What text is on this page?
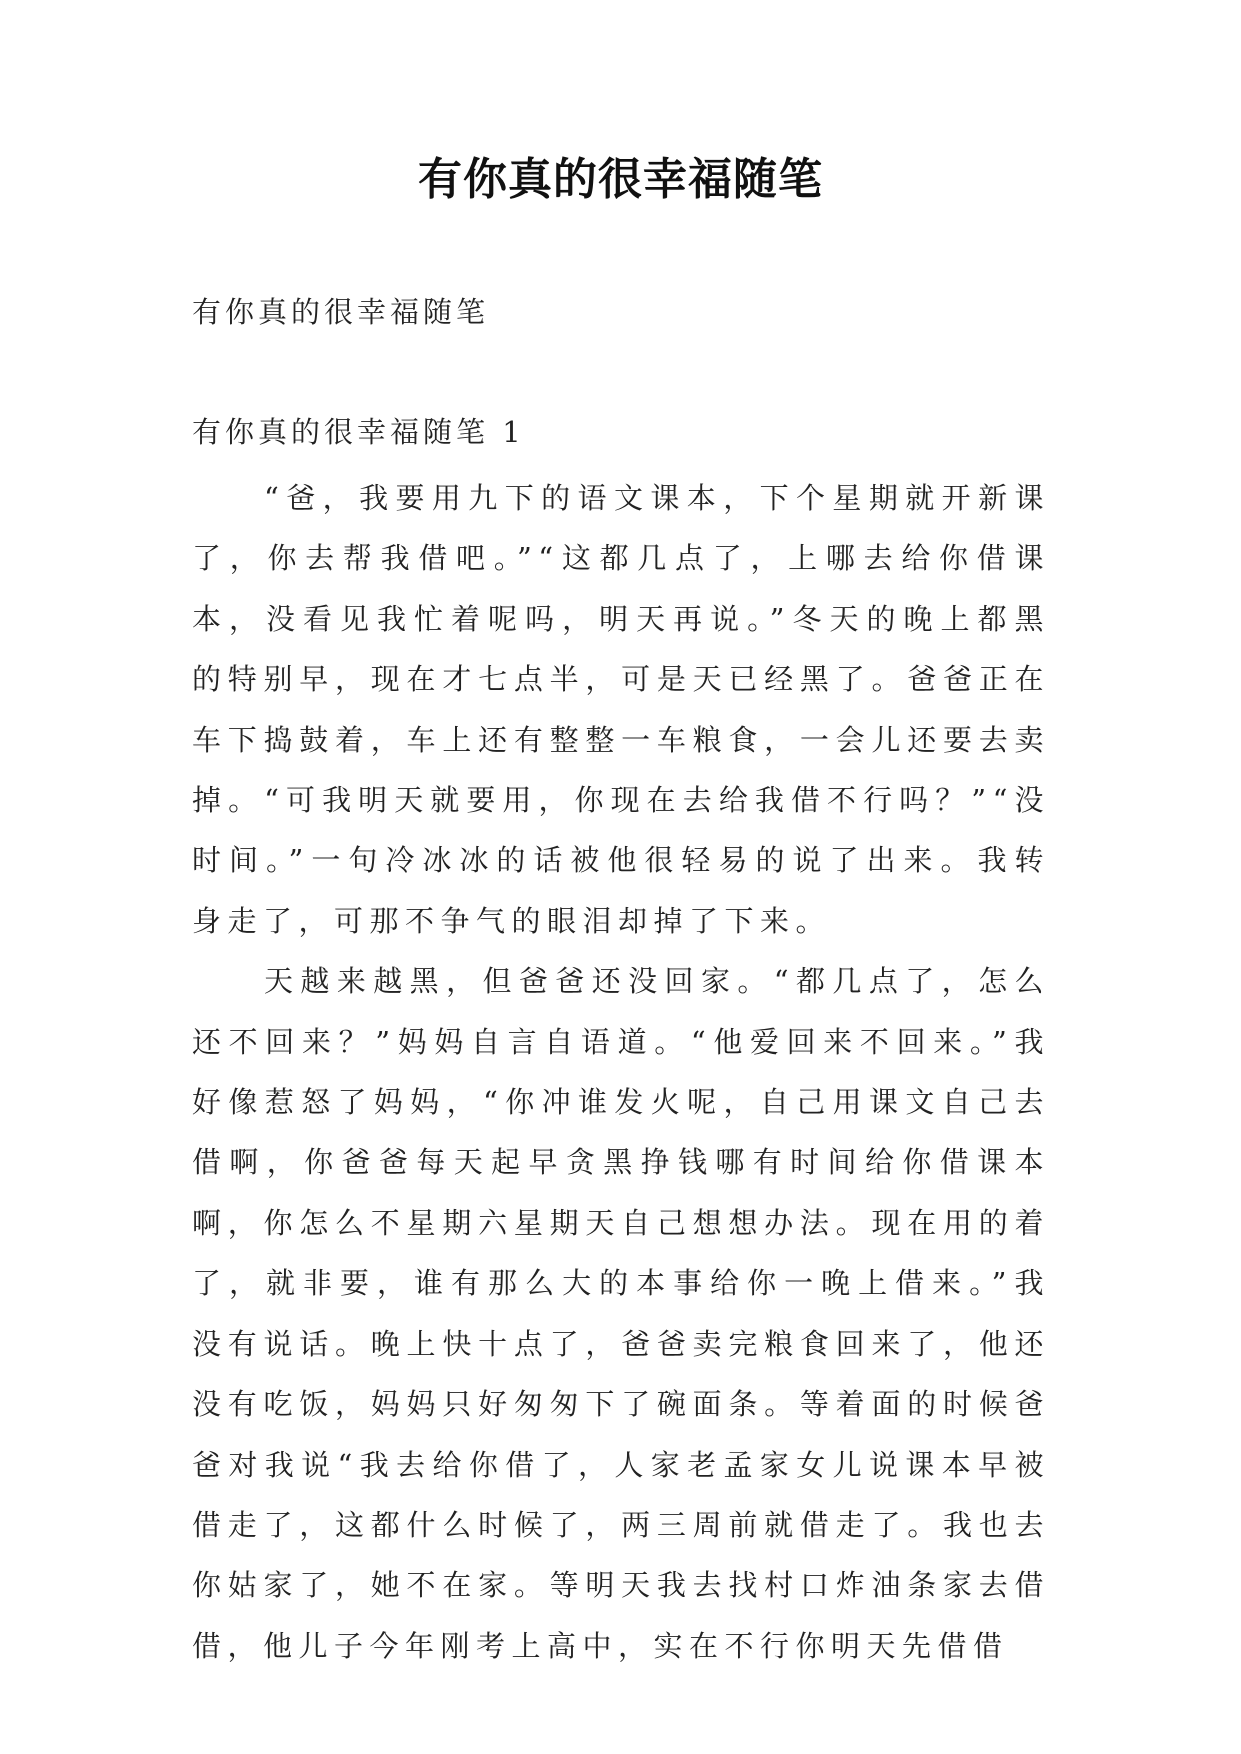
有你真的很幸福随笔
有你真的很幸福随笔
有你真的很幸福随笔 1

“爸，我要用九下的语文课本，下个星期就开新课了，你去帮我借吧。”“这都几点了，上哪去给你借课本，没看见我忙着呢吗，明天再说。”冬天的晚上都黑的特别早，现在才七点半，可是天已经黑了。爸爸正在车下捣鼓着，车上还有整整一车粮食，一会儿还要去卖掉。“可我明天就要用，你现在去给我借不行吗？”“没时间。”一句冷冰冰的话被他很轻易的说了出来。我转身走了，可那不争气的眼泪却掉了下来。

天越来越黑，但爸爸还没回家。“都几点了，怎么还不回来？”妈妈自言自语道。“他爱回来不回来。”我好像惹怒了妈妈，“你冲谁发火呢，自己用课文自己去借啊，你爸爸每天起早贪黑挣钱哪有时间给你借课本啊，你怎么不星期六星期天自己想想办法。现在用的着了，就非要，谁有那么大的本事给你一晚上借来。”我没有说话。晚上快十点了，爸爸卖完粮食回来了，他还没有吃饭，妈妈只好匆匆下了碗面条。等着面的时候爸爸对我说“我去给你借了，人家老孟家女儿说课本早被借走了，这都什么时候了，两三周前就借走了。我也去你姑家了，她不在家。等明天我去找村口炸油条家去借借，他儿子今年刚考上高中，实在不行你明天先借借
